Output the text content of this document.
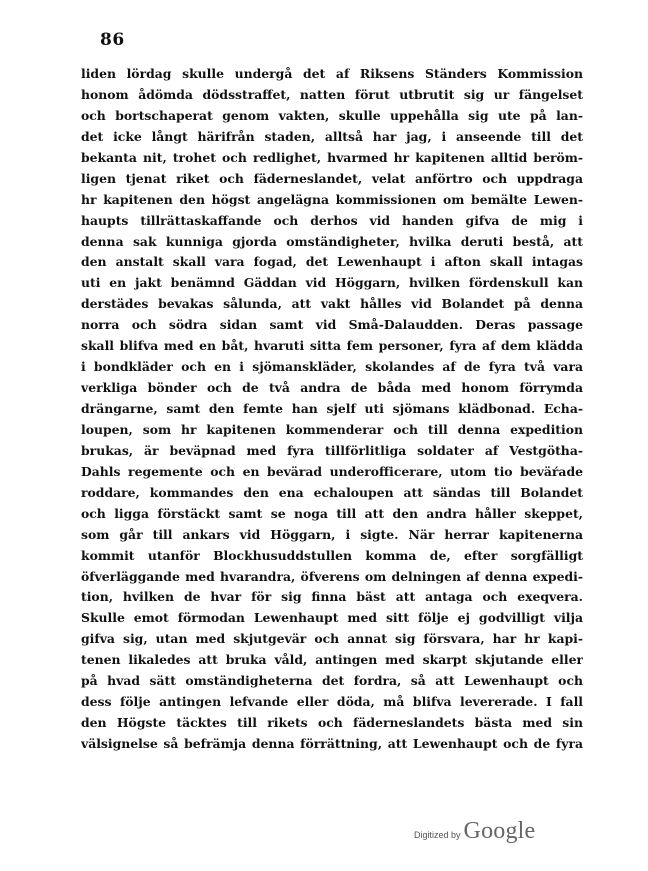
86
liden lördag skulle undergå det af Riksens Ständers Kommission
honom ådömda dödsstraffet, natten förut utbrutit sig ur fängelset
och bortschaperat genom vakten, skulle uppehålla sig ute på lan-
det icke långt härifrån staden, alltså har jag, i anseende till det
bekanta nit, trohet och redlighet, hvarmed hr kapitenen alltid beröm-
ligen tjenat riket och fäderneslandet, velat anförtro och uppdraga
hr kapitenen den högst angelägna kommissionen om bemälte Lewen-
haupts tillrättaskaffande och derhos vid handen gifva de mig i
denna sak kunniga gjorda omständigheter, hvilka deruti bestå, att
den anstalt skall vara fogad, det Lewenhaupt i afton skall intagas
uti en jakt benämnd Gäddan vid Höggarn, hvilken fördenskull kan
derstädes bevakas sålunda, att vakt hålles vid Bolandet på denna
norra och södra sidan samt vid Små-Dalaudden. Deras passage
skall blifva med en båt, hvaruti sitta fem personer, fyra af dem klädda
i bondkläder och en i sjömanskläder, skolandes af de fyra två vara
verkliga bönder och de två andra de båda med honom förrymda
drängarne, samt den femte han sjelf uti sjömans klädbonad. Echa-
loupen, som hr kapitenen kommenderar och till denna expedition
brukas, är beväpnad med fyra tillförlitliga soldater af Vestgötha-
Dahls regemente och en bevärad underofficerare, utom tio beväŕade
roddare, kommandes den ena echaloupen att sändas till Bolandet
och ligga förstäckt samt se noga till att den andra håller skeppet,
som går till ankars vid Höggarn, i sigte. När herrar kapitenerna
kommit utanför Blockhusuddstullen komma de, efter sorgfälligt
öfverläggande med hvarandra, öfverens om delningen af denna expedi-
tion, hvilken de hvar för sig finna bäst att antaga och exeqvera.
Skulle emot förmodan Lewenhaupt med sitt följe ej godvilligt vilja
gifva sig, utan med skjutgevär och annat sig försvara, har hr kapi-
tenen likaledes att bruka våld, antingen med skarpt skjutande eller
på hvad sätt omständigheterna det fordra, så att Lewenhaupt och
dess följe antingen lefvande eller döda, må blifva levererade. I fall
den Högste täcktes till rikets och fäderneslandets bästa med sin
välsignelse så befrämja denna förrättning, att Lewenhaupt och de fyra
Digitized by Google
